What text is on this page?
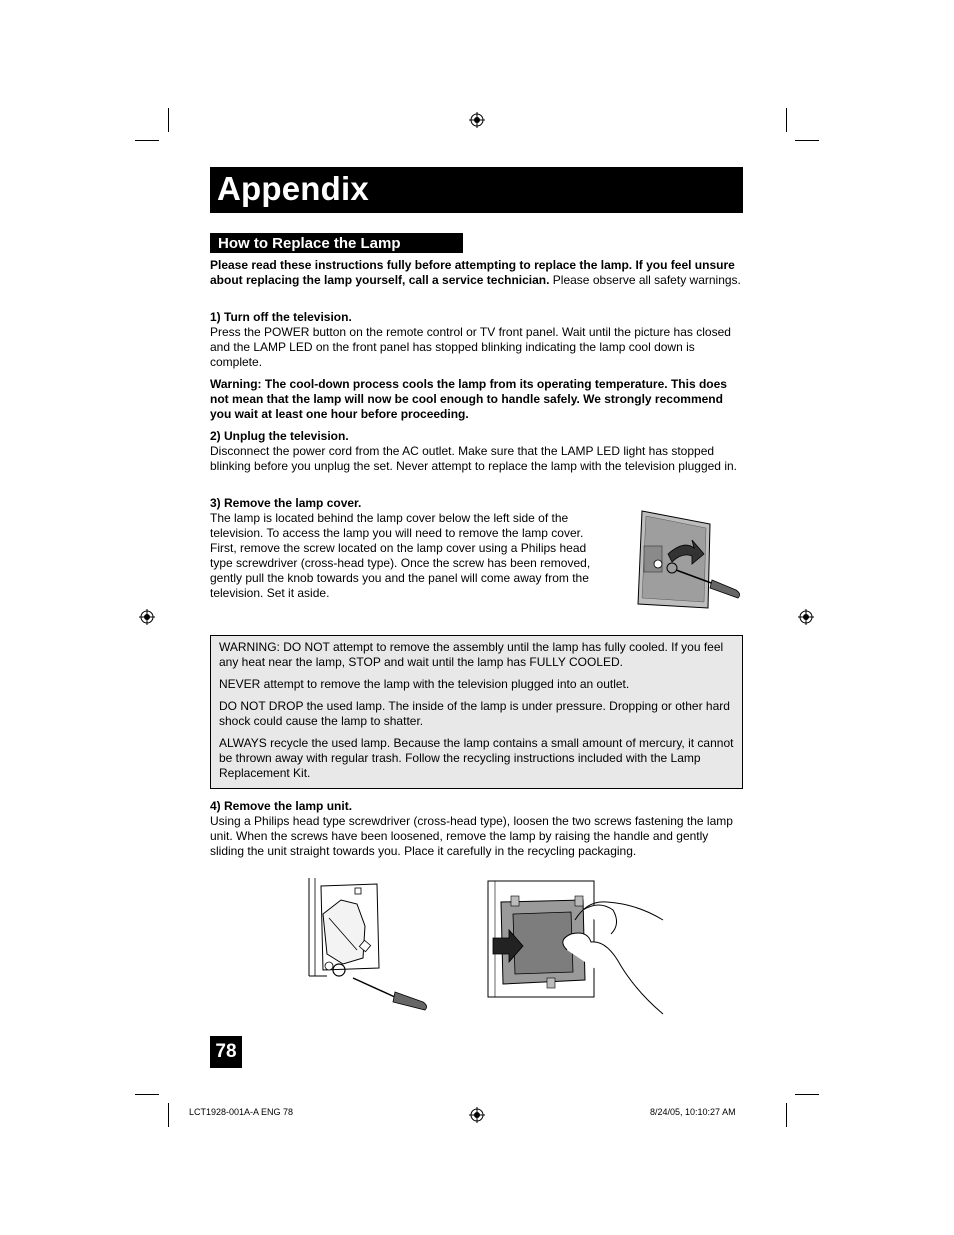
Appendix
How to Replace the Lamp
Please read these instructions fully before attempting to replace the lamp. If you feel unsure about replacing the lamp yourself, call a service technician. Please observe all safety warnings.
1) Turn off the television.
Press the POWER button on the remote control or TV front panel. Wait until the picture has closed and the LAMP LED on the front panel has stopped blinking indicating the lamp cool down is complete.
Warning: The cool-down process cools the lamp from its operating temperature. This does not mean that the lamp will now be cool enough to handle safely. We strongly recommend you wait at least one hour before proceeding.
2) Unplug the television.
Disconnect the power cord from the AC outlet. Make sure that the LAMP LED light has stopped blinking before you unplug the set. Never attempt to replace the lamp with the television plugged in.
3) Remove the lamp cover.
The lamp is located behind the lamp cover below the left side of the television. To access the lamp you will need to remove the lamp cover. First, remove the screw located on the lamp cover using a Philips head type screwdriver (cross-head type). Once the screw has been removed, gently pull the knob towards you and the panel will come away from the television. Set it aside.

WARNING: DO NOT attempt to remove the assembly until the lamp has fully cooled. If you feel any heat near the lamp, STOP and wait until the lamp has FULLY COOLED.

NEVER attempt to remove the lamp with the television plugged into an outlet.

DO NOT DROP the used lamp. The inside of the lamp is under pressure. Dropping or other hard shock could cause the lamp to shatter.

ALWAYS recycle the used lamp. Because the lamp contains a small amount of mercury, it cannot be thrown away with regular trash. Follow the recycling instructions included with the Lamp Replacement Kit.

4) Remove the lamp unit.
Using a Philips head type screwdriver (cross-head type), loosen the two screws fastening the lamp unit. When the screws have been loosened, remove the lamp by raising the handle and gently sliding the unit straight towards you. Place it carefully in the recycling packaging.
78
LCT1928-001A-A ENG 78	8/24/05, 10:10:27 AM
